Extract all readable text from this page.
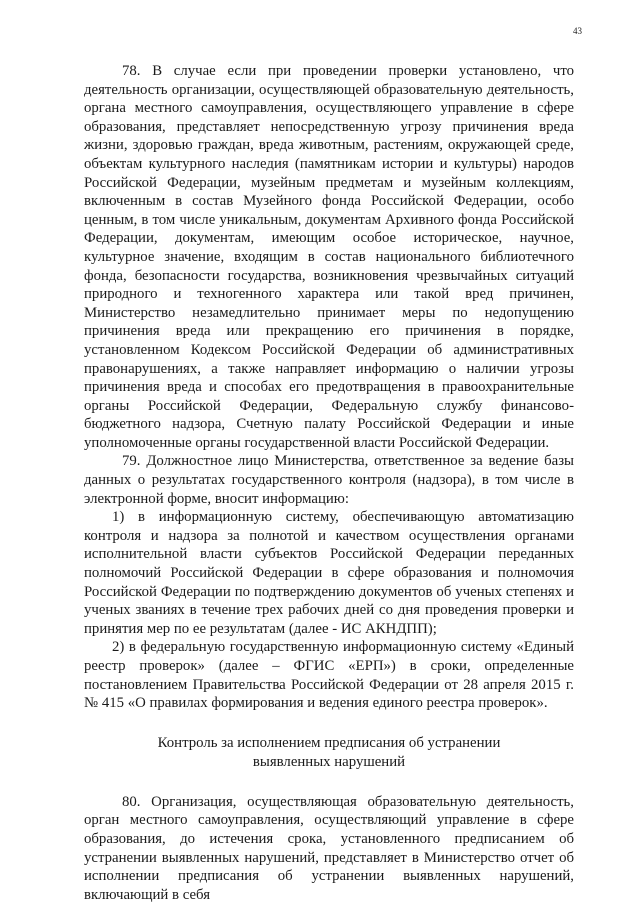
43

78. В случае если при проведении проверки установлено, что деятельность организации, осуществляющей образовательную деятельность, органа местного самоуправления, осуществляющего управление в сфере образования, представляет непосредственную угрозу причинения вреда жизни, здоровью граждан, вреда животным, растениям, окружающей среде, объектам культурного наследия (памятникам истории и культуры) народов Российской Федерации, музейным предметам и музейным коллекциям, включенным в состав Музейного фонда Российской Федерации, особо ценным, в том числе уникальным, документам Архивного фонда Российской Федерации, документам, имеющим особое историческое, научное, культурное значение, входящим в состав национального библиотечного фонда, безопасности государства, возникновения чрезвычайных ситуаций природного и техногенного характера или такой вред причинен, Министерство незамедлительно принимает меры по недопущению причинения вреда или прекращению его причинения в порядке, установленном Кодексом Российской Федерации об административных правонарушениях, а также направляет информацию о наличии угрозы причинения вреда и способах его предотвращения в правоохранительные органы Российской Федерации, Федеральную службу финансово-бюджетного надзора, Счетную палату Российской Федерации и иные уполномоченные органы государственной власти Российской Федерации.

79. Должностное лицо Министерства, ответственное за ведение базы данных о результатах государственного контроля (надзора), в том числе в электронной форме, вносит информацию:

1) в информационную систему, обеспечивающую автоматизацию контроля и надзора за полнотой и качеством осуществления органами исполнительной власти субъектов Российской Федерации переданных полномочий Российской Федерации в сфере образования и полномочия Российской Федерации по подтверждению документов об ученых степенях и ученых званиях в течение трех рабочих дней со дня проведения проверки и принятия мер по ее результатам (далее - ИС АКНДПП);

2) в федеральную государственную информационную систему «Единый реестр проверок» (далее – ФГИС «ЕРП») в сроки, определенные постановлением Правительства Российской Федерации от 28 апреля 2015 г. № 415 «О правилах формирования и ведения единого реестра проверок».

Контроль за исполнением предписания об устранении
выявленных нарушений

80. Организация, осуществляющая образовательную деятельность, орган местного самоуправления, осуществляющий управление в сфере образования, до истечения срока, установленного предписанием об устранении выявленных нарушений, представляет в Министерство отчет об исполнении предписания об устранении выявленных нарушений, включающий в себя
